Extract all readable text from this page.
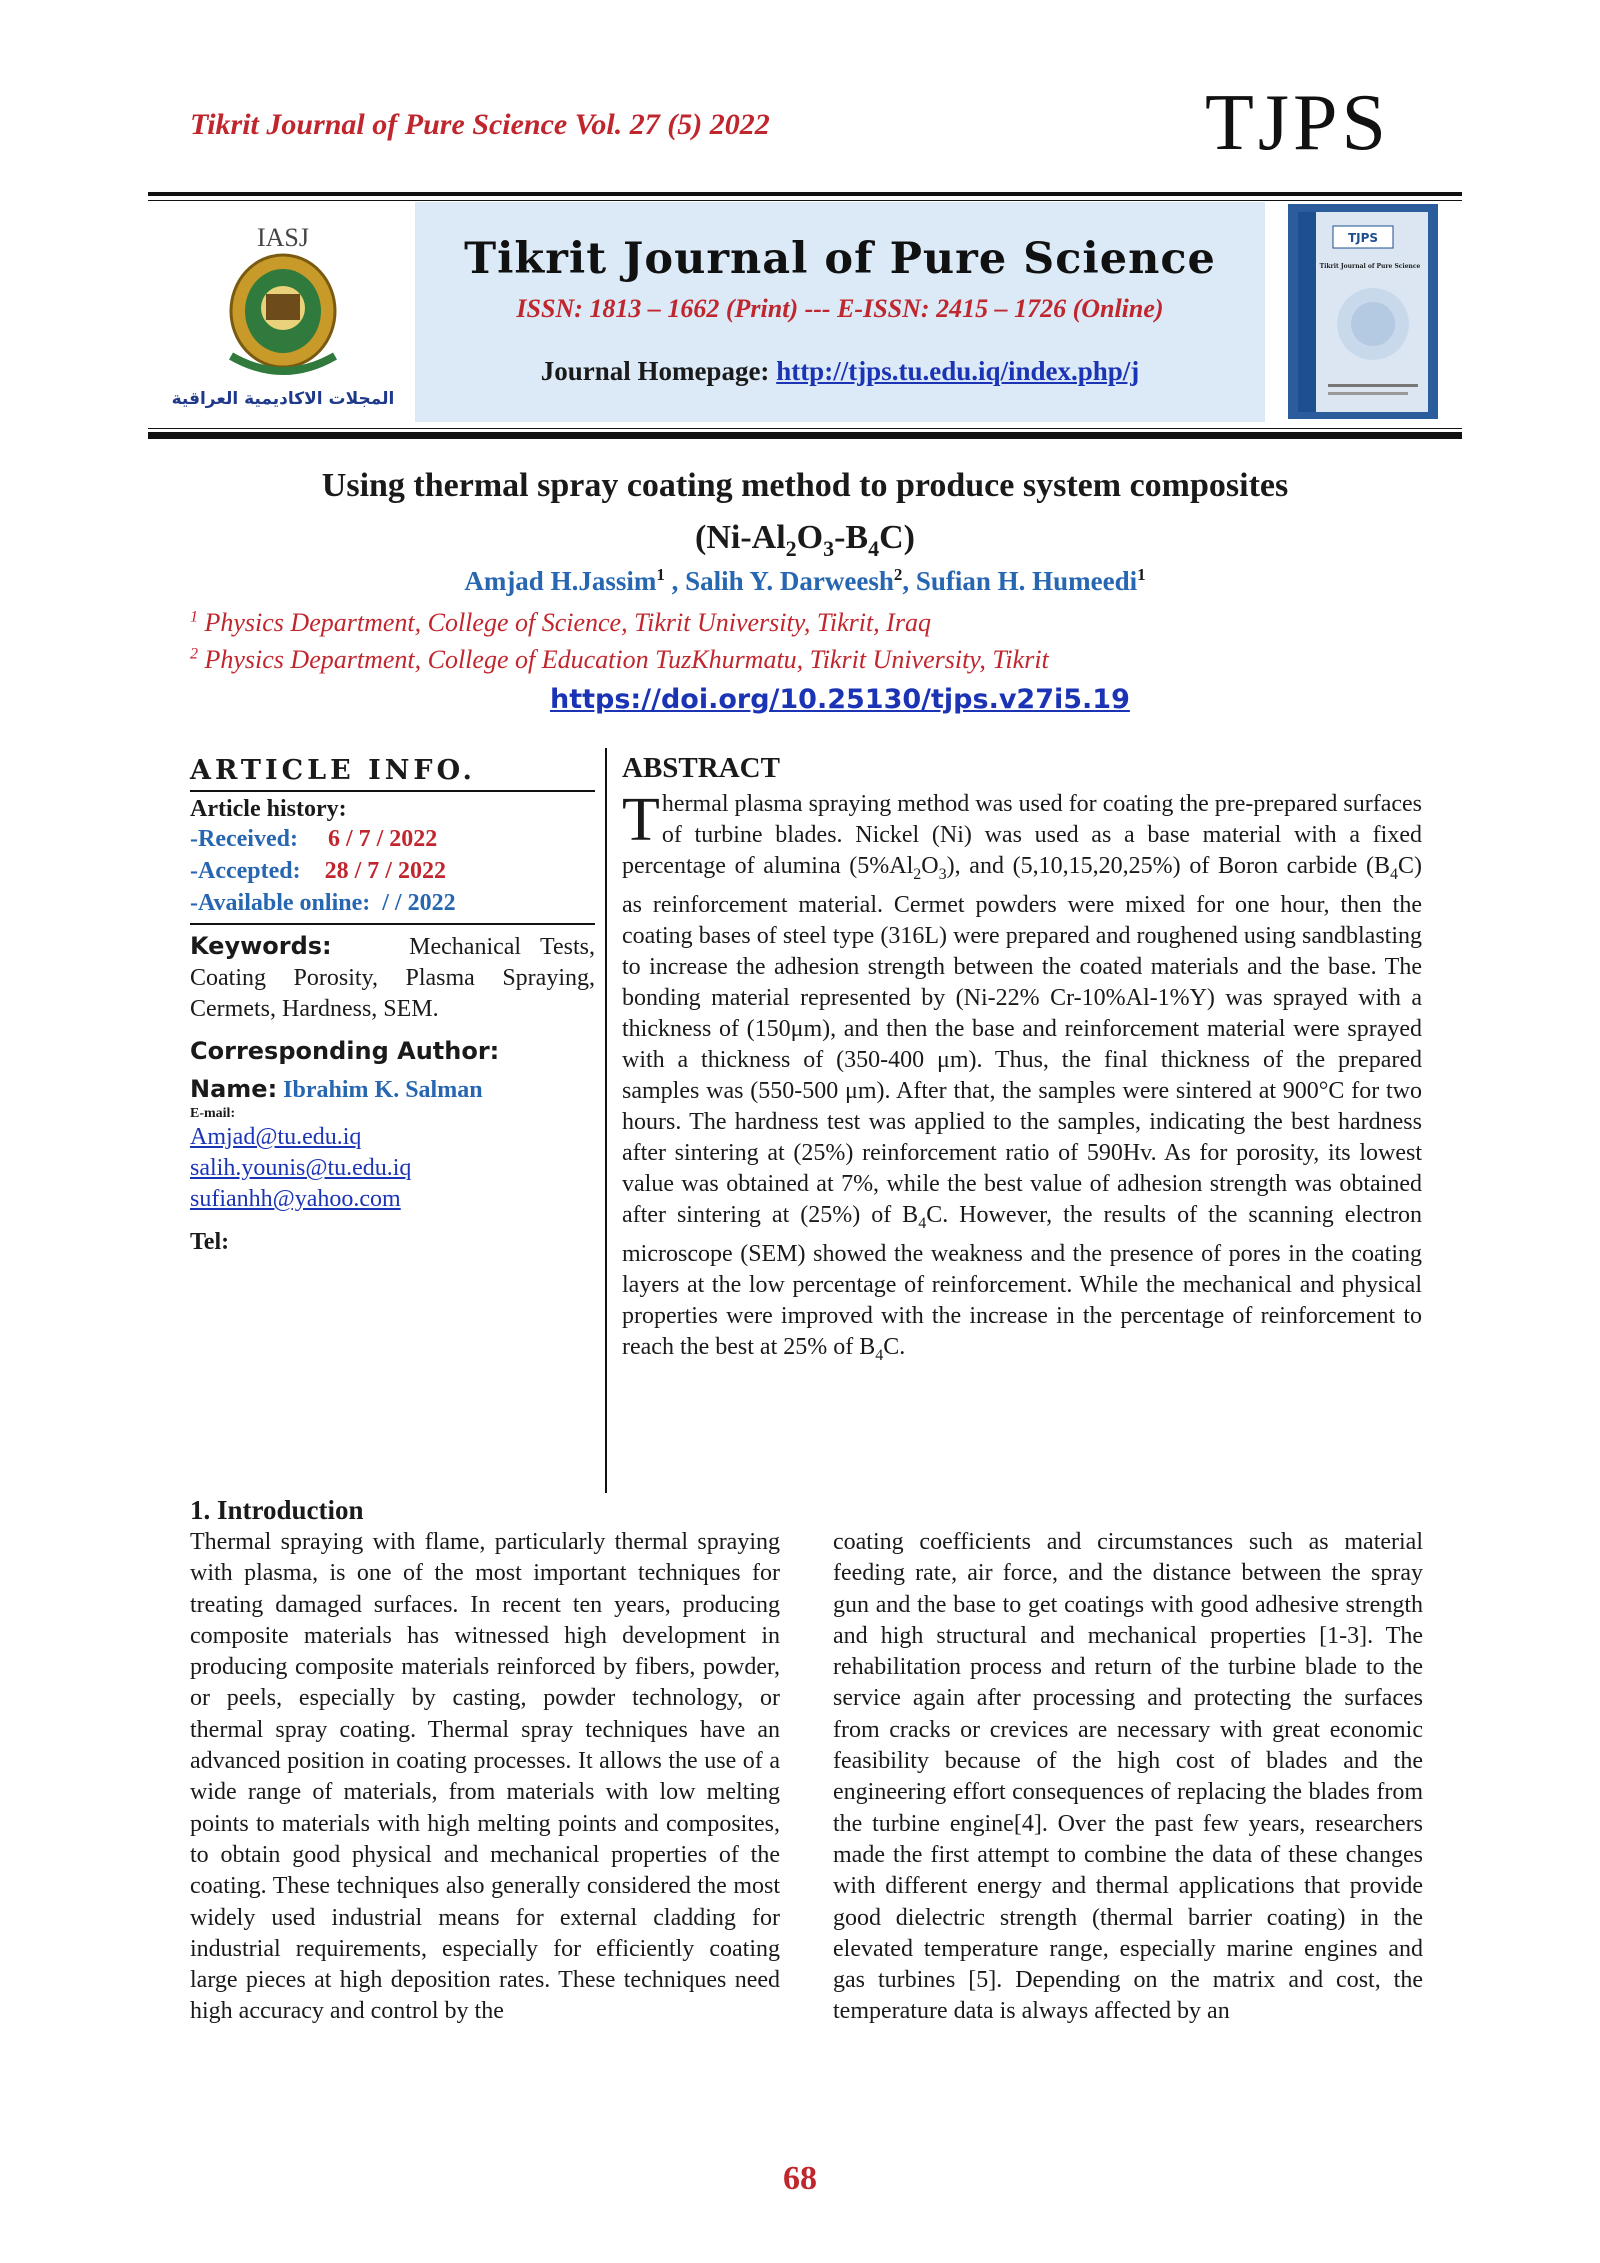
Tikrit Journal of Pure Science Vol. 27 (5) 2022	TJPS
IASJ
المجلات الاكاديمية العراقية
Tikrit Journal of Pure Science
ISSN: 1813 – 1662 (Print) --- E-ISSN: 2415 – 1726 (Online)
Journal Homepage: http://tjps.tu.edu.iq/index.php/j
TJPS
Tikrit Journal of Pure Science
Using thermal spray coating method to produce system composites
$(Ni-Al_2O_3-B_4C)$
Amjad H.Jassim$^1$ , Salih Y. Darweesh$^2$, Sufian H. Humeedi$^1$
$^1$ Physics Department, College of Science, Tikrit University, Tikrit, Iraq
$^2$ Physics Department, College of Education TuzKhurmatu, Tikrit University, Tikrit
https://doi.org/10.25130/tjps.v27i5.19
ARTICLE INFO.
Article history:
-Received: 6 / 7 / 2022
-Accepted: 28 / 7 / 2022
-Available online: / / 2022
Keywords:	Mechanical Tests, Coating Porosity, Plasma Spraying, Cermets, Hardness, SEM.
Corresponding Author:
Name: Ibrahim K. Salman
E-mail:
Amjad@tu.edu.iq
salih.younis@tu.edu.iq
sufianhh@yahoo.com
Tel:
ABSTRACT
Thermal plasma spraying method was used for coating the pre-prepared surfaces of turbine blades. Nickel (Ni) was used as a base material with a fixed percentage of alumina $(5\%Al_2O_3)$, and (5,10,15,20,25%) of Boron carbide $(B_4C)$ as reinforcement material. Cermet powders were mixed for one hour, then the coating bases of steel type (316L) were prepared and roughened using sandblasting to increase the adhesion strength between the coated materials and the base. The bonding material represented by (Ni-22% Cr-10%Al-1%Y) was sprayed with a thickness of (150μm), and then the base and reinforcement material were sprayed with a thickness of (350-400 μm). Thus, the final thickness of the prepared samples was (550-500 μm). After that, the samples were sintered at 900°C for two hours. The hardness test was applied to the samples, indicating the best hardness after sintering at (25%) reinforcement ratio of 590Hv. As for porosity, its lowest value was obtained at 7%, while the best value of adhesion strength was obtained after sintering at (25%) of $B_4C$. However, the results of the scanning electron microscope (SEM) showed the weakness and the presence of pores in the coating layers at the low percentage of reinforcement. While the mechanical and physical properties were improved with the increase in the percentage of reinforcement to reach the best at 25% of $B_4C$.
1. Introduction
Thermal spraying with flame, particularly thermal spraying with plasma, is one of the most important techniques for treating damaged surfaces. In recent ten years, producing composite materials has witnessed high development in producing composite materials reinforced by fibers, powder, or peels, especially by casting, powder technology, or thermal spray coating. Thermal spray techniques have an advanced position in coating processes. It allows the use of a wide range of materials, from materials with low melting points to materials with high melting points and composites, to obtain good physical and mechanical properties of the coating. These techniques also generally considered the most widely used industrial means for external cladding for industrial requirements, especially for efficiently coating large pieces at high deposition rates. These techniques need high accuracy and control by the
coating coefficients and circumstances such as material feeding rate, air force, and the distance between the spray gun and the base to get coatings with good adhesive strength and high structural and mechanical properties [1-3]. The rehabilitation process and return of the turbine blade to the service again after processing and protecting the surfaces from cracks or crevices are necessary with great economic feasibility because of the high cost of blades and the engineering effort consequences of replacing the blades from the turbine engine[4]. Over the past few years, researchers made the first attempt to combine the data of these changes with different energy and thermal applications that provide good dielectric strength (thermal barrier coating) in the elevated temperature range, especially marine engines and gas turbines [5]. Depending on the matrix and cost, the temperature data is always affected by an
68
